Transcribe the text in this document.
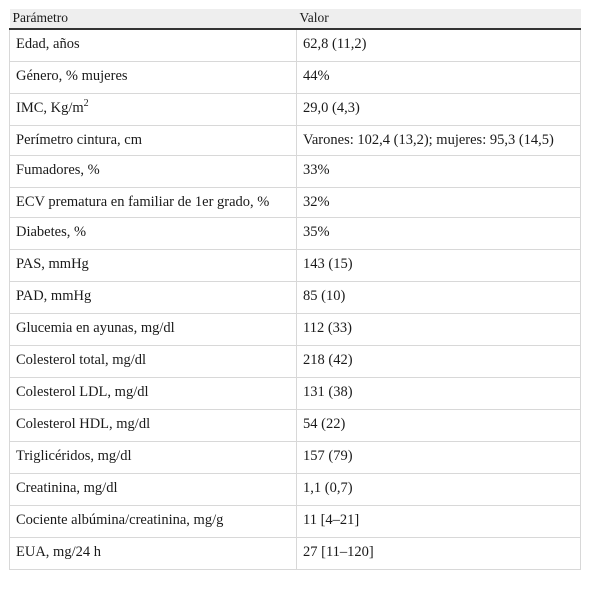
Parámetro	Valor
Edad, años	62,8 (11,2)
Género, % mujeres	44%
IMC, $Kg/m^2$	29,0 (4,3)
Perímetro cintura, cm	Varones: 102,4 (13,2); mujeres: 95,3 (14,5)
Fumadores, %	33%
ECV prematura en familiar de 1er grado, %	32%
Diabetes, %	35%
PAS, mmHg	143 (15)
PAD, mmHg	85 (10)
Glucemia en ayunas, mg/dl	112 (33)
Colesterol total, mg/dl	218 (42)
Colesterol LDL, mg/dl	131 (38)
Colesterol HDL, mg/dl	54 (22)
Triglicéridos, mg/dl	157 (79)
Creatinina, mg/dl	1,1 (0,7)
Cociente albúmina/creatinina, mg/g	11 [4–21]
EUA, mg/24 h	27 [11–120]
